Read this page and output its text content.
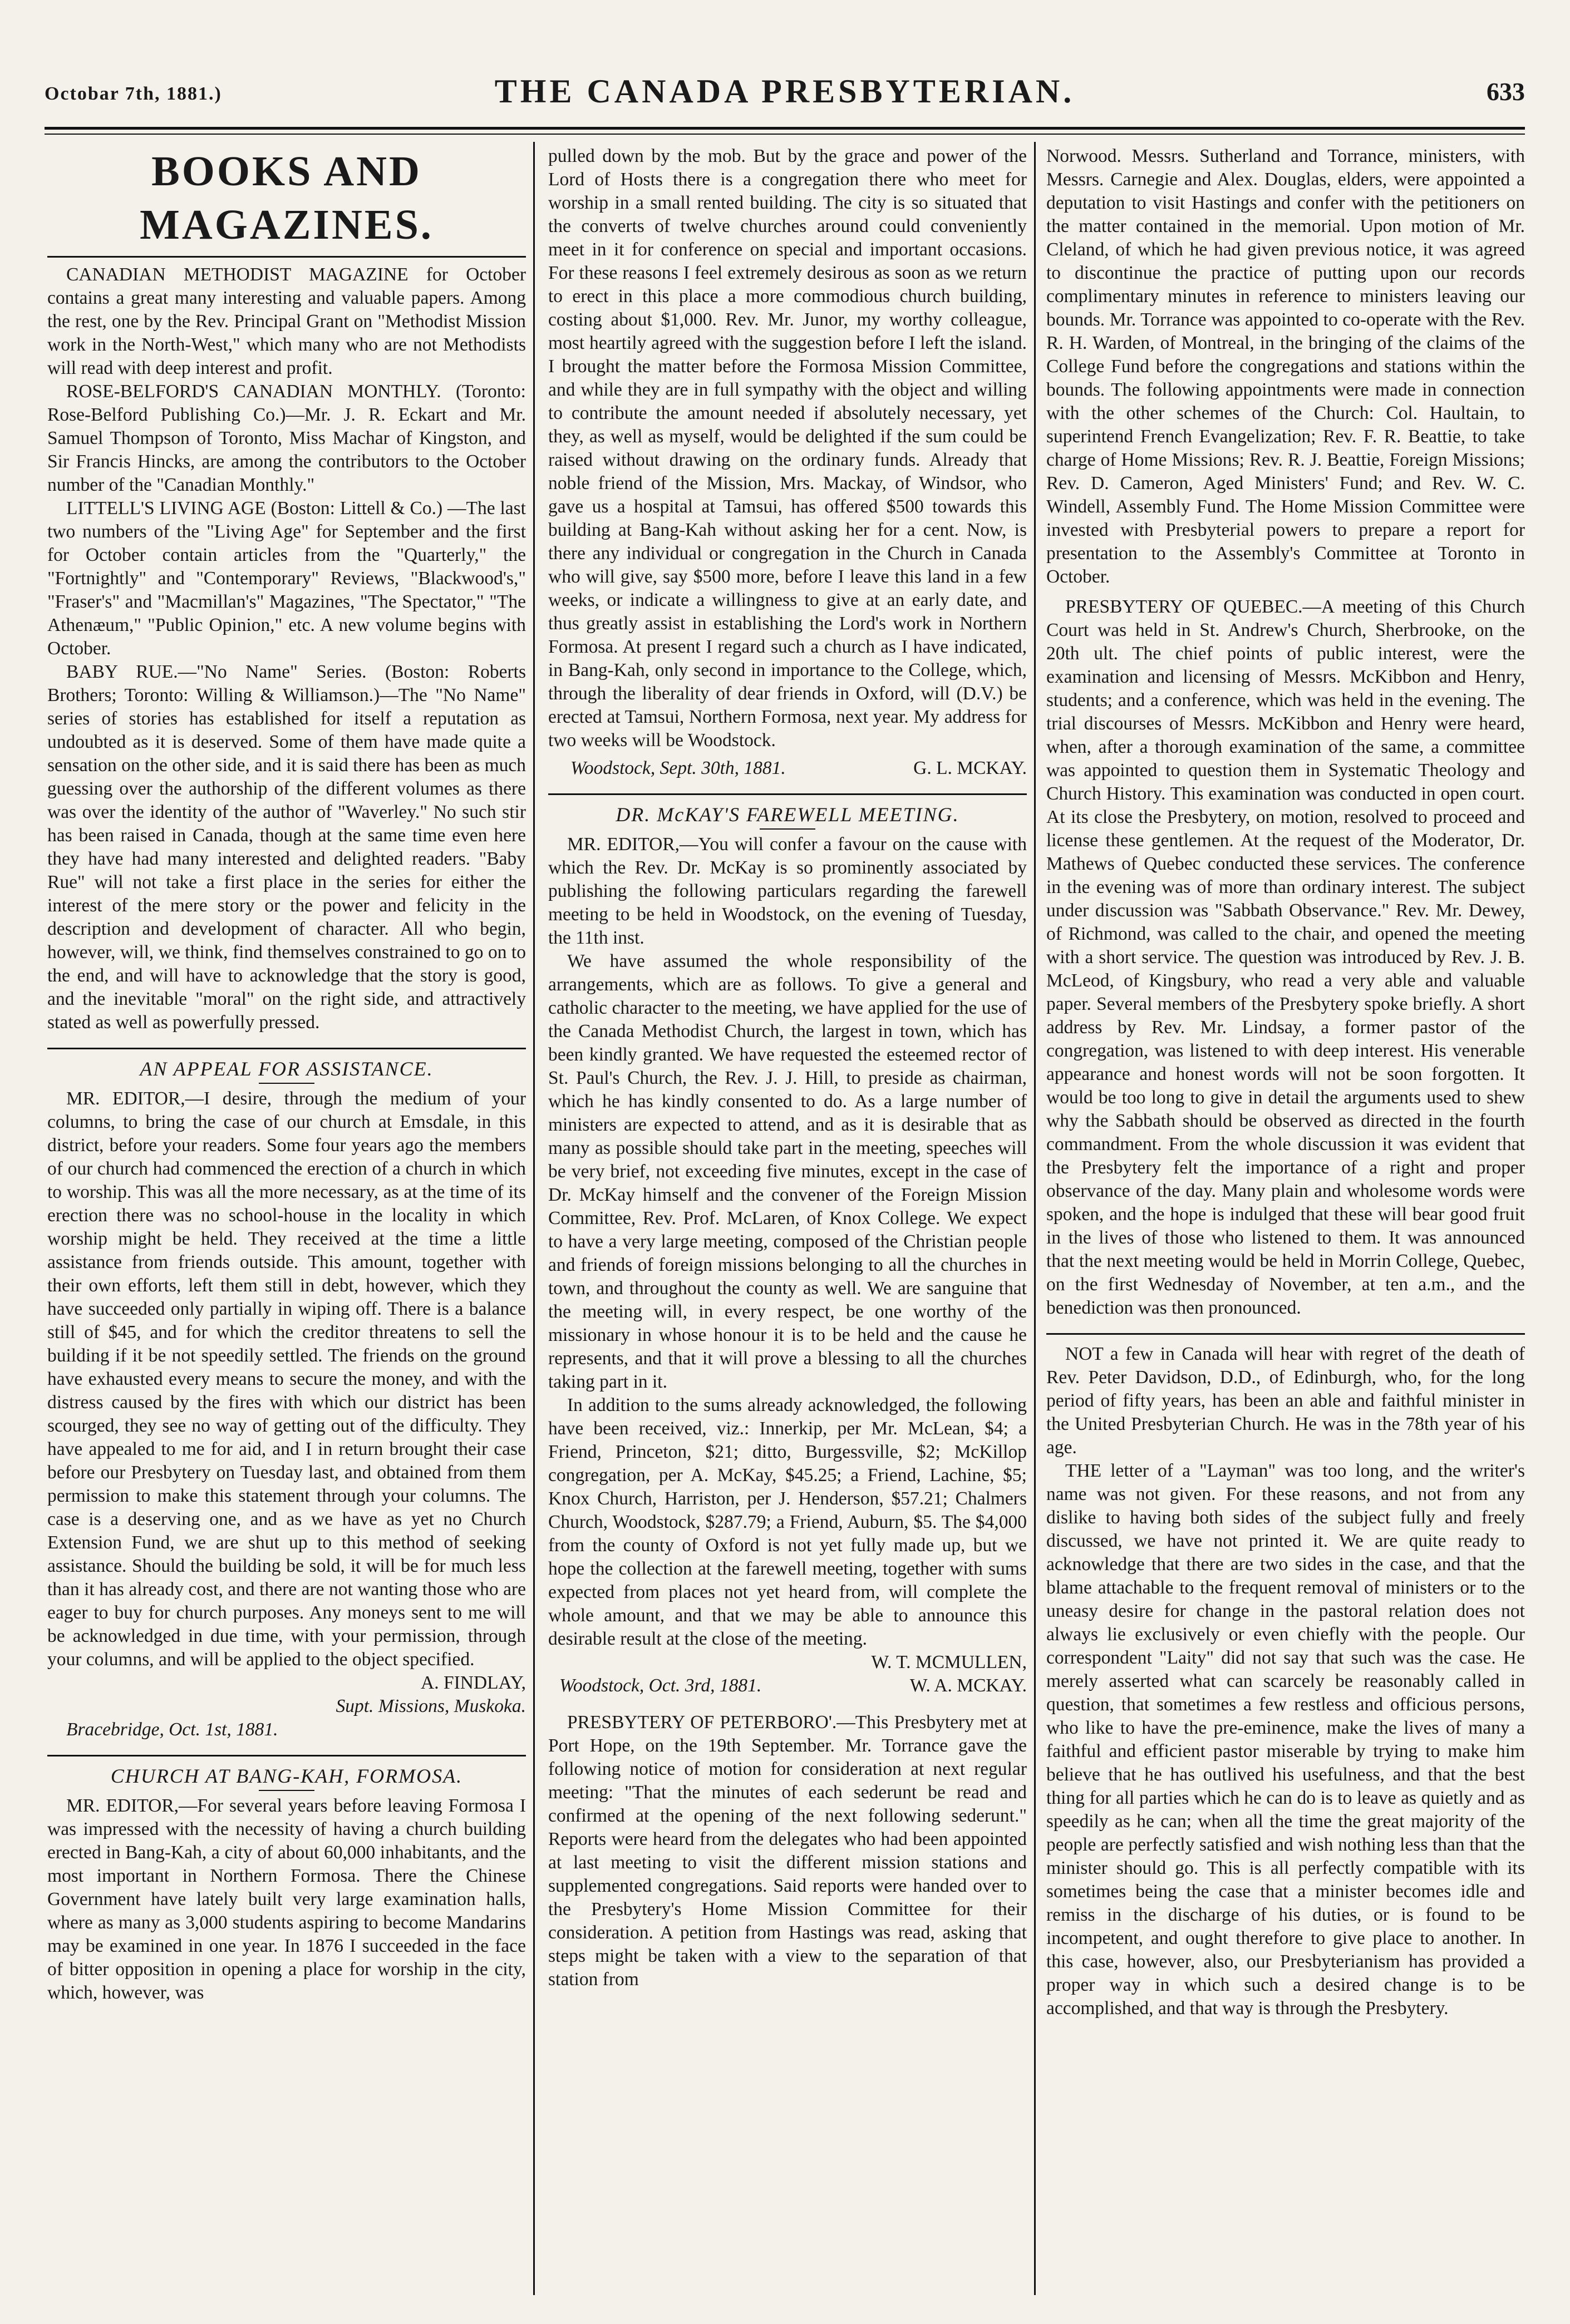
Octobar 7th, 1881.)	THE CANADA PRESBYTERIAN.	633
BOOKS AND MAGAZINES.

CANADIAN METHODIST MAGAZINE for October contains a great many interesting and valuable papers. Among the rest, one by the Rev. Principal Grant on "Methodist Mission work in the North-West," which many who are not Methodists will read with deep interest and profit.

ROSE-BELFORD'S CANADIAN MONTHLY. (Toronto: Rose-Belford Publishing Co.)—Mr. J. R. Eckart and Mr. Samuel Thompson of Toronto, Miss Machar of Kingston, and Sir Francis Hincks, are among the contributors to the October number of the "Canadian Monthly."

LITTELL'S LIVING AGE (Boston: Littell & Co.) —The last two numbers of the "Living Age" for September and the first for October contain articles from the "Quarterly," the "Fortnightly" and "Contemporary" Reviews, "Blackwood's," "Fraser's" and "Macmillan's" Magazines, "The Spectator," "The Athenæum," "Public Opinion," etc. A new volume begins with October.

BABY RUE.—"No Name" Series. (Boston: Roberts Brothers; Toronto: Willing & Williamson.)—The "No Name" series of stories has established for itself a reputation as undoubted as it is deserved. Some of them have made quite a sensation on the other side, and it is said there has been as much guessing over the authorship of the different volumes as there was over the identity of the author of "Waverley." No such stir has been raised in Canada, though at the same time even here they have had many interested and delighted readers. "Baby Rue" will not take a first place in the series for either the interest of the mere story or the power and felicity in the description and development of character. All who begin, however, will, we think, find themselves constrained to go on to the end, and will have to acknowledge that the story is good, and the inevitable "moral" on the right side, and attractively stated as well as powerfully pressed.

AN APPEAL FOR ASSISTANCE.

MR. EDITOR,—I desire, through the medium of your columns, to bring the case of our church at Emsdale, in this district, before your readers. Some four years ago the members of our church had commenced the erection of a church in which to worship. This was all the more necessary, as at the time of its erection there was no school-house in the locality in which worship might be held. They received at the time a little assistance from friends outside. This amount, together with their own efforts, left them still in debt, however, which they have succeeded only partially in wiping off. There is a balance still of $45, and for which the creditor threatens to sell the building if it be not speedily settled. The friends on the ground have exhausted every means to secure the money, and with the distress caused by the fires with which our district has been scourged, they see no way of getting out of the difficulty. They have appealed to me for aid, and I in return brought their case before our Presbytery on Tuesday last, and obtained from them permission to make this statement through your columns. The case is a deserving one, and as we have as yet no Church Extension Fund, we are shut up to this method of seeking assistance. Should the building be sold, it will be for much less than it has already cost, and there are not wanting those who are eager to buy for church purposes. Any moneys sent to me will be acknowledged in due time, with your permission, through your columns, and will be applied to the object specified.

A. FINDLAY,

Supt. Missions, Muskoka.

Bracebridge, Oct. 1st, 1881.

CHURCH AT BANG-KAH, FORMOSA.

MR. EDITOR,—For several years before leaving Formosa I was impressed with the necessity of having a church building erected in Bang-Kah, a city of about 60,000 inhabitants, and the most important in Northern Formosa. There the Chinese Government have lately built very large examination halls, where as many as 3,000 students aspiring to become Mandarins may be examined in one year. In 1876 I succeeded in the face of bitter opposition in opening a place for worship in the city, which, however, was

pulled down by the mob. But by the grace and power of the Lord of Hosts there is a congregation there who meet for worship in a small rented building. The city is so situated that the converts of twelve churches around could conveniently meet in it for conference on special and important occasions. For these reasons I feel extremely desirous as soon as we return to erect in this place a more commodious church building, costing about $1,000. Rev. Mr. Junor, my worthy colleague, most heartily agreed with the suggestion before I left the island. I brought the matter before the Formosa Mission Committee, and while they are in full sympathy with the object and willing to contribute the amount needed if absolutely necessary, yet they, as well as myself, would be delighted if the sum could be raised without drawing on the ordinary funds. Already that noble friend of the Mission, Mrs. Mackay, of Windsor, who gave us a hospital at Tamsui, has offered $500 towards this building at Bang-Kah without asking her for a cent. Now, is there any individual or congregation in the Church in Canada who will give, say $500 more, before I leave this land in a few weeks, or indicate a willingness to give at an early date, and thus greatly assist in establishing the Lord's work in Northern Formosa. At present I regard such a church as I have indicated, in Bang-Kah, only second in importance to the College, which, through the liberality of dear friends in Oxford, will (D.V.) be erected at Tamsui, Northern Formosa, next year. My address for two weeks will be Woodstock.

Woodstock, Sept. 30th, 1881.	G. L. MCKAY.

DR. McKAY'S FAREWELL MEETING.

MR. EDITOR,—You will confer a favour on the cause with which the Rev. Dr. McKay is so prominently associated by publishing the following particulars regarding the farewell meeting to be held in Woodstock, on the evening of Tuesday, the 11th inst.

We have assumed the whole responsibility of the arrangements, which are as follows. To give a general and catholic character to the meeting, we have applied for the use of the Canada Methodist Church, the largest in town, which has been kindly granted. We have requested the esteemed rector of St. Paul's Church, the Rev. J. J. Hill, to preside as chairman, which he has kindly consented to do. As a large number of ministers are expected to attend, and as it is desirable that as many as possible should take part in the meeting, speeches will be very brief, not exceeding five minutes, except in the case of Dr. McKay himself and the convener of the Foreign Mission Committee, Rev. Prof. McLaren, of Knox College. We expect to have a very large meeting, composed of the Christian people and friends of foreign missions belonging to all the churches in town, and throughout the county as well. We are sanguine that the meeting will, in every respect, be one worthy of the missionary in whose honour it is to be held and the cause he represents, and that it will prove a blessing to all the churches taking part in it.

In addition to the sums already acknowledged, the following have been received, viz.: Innerkip, per Mr. McLean, $4; a Friend, Princeton, $21; ditto, Burgessville, $2; McKillop congregation, per A. McKay, $45.25; a Friend, Lachine, $5; Knox Church, Harriston, per J. Henderson, $57.21; Chalmers Church, Woodstock, $287.79; a Friend, Auburn, $5. The $4,000 from the county of Oxford is not yet fully made up, but we hope the collection at the farewell meeting, together with sums expected from places not yet heard from, will complete the whole amount, and that we may be able to announce this desirable result at the close of the meeting.

W. T. MCMULLEN,

Woodstock, Oct. 3rd, 1881.	W. A. MCKAY.

PRESBYTERY OF PETERBORO'.—This Presbytery met at Port Hope, on the 19th September. Mr. Torrance gave the following notice of motion for consideration at next regular meeting: "That the minutes of each sederunt be read and confirmed at the opening of the next following sederunt." Reports were heard from the delegates who had been appointed at last meeting to visit the different mission stations and supplemented congregations. Said reports were handed over to the Presbytery's Home Mission Committee for their consideration. A petition from Hastings was read, asking that steps might be taken with a view to the separation of that station from

Norwood. Messrs. Sutherland and Torrance, ministers, with Messrs. Carnegie and Alex. Douglas, elders, were appointed a deputation to visit Hastings and confer with the petitioners on the matter contained in the memorial. Upon motion of Mr. Cleland, of which he had given previous notice, it was agreed to discontinue the practice of putting upon our records complimentary minutes in reference to ministers leaving our bounds. Mr. Torrance was appointed to co-operate with the Rev. R. H. Warden, of Montreal, in the bringing of the claims of the College Fund before the congregations and stations within the bounds. The following appointments were made in connection with the other schemes of the Church: Col. Haultain, to superintend French Evangelization; Rev. F. R. Beattie, to take charge of Home Missions; Rev. R. J. Beattie, Foreign Missions; Rev. D. Cameron, Aged Ministers' Fund; and Rev. W. C. Windell, Assembly Fund. The Home Mission Committee were invested with Presbyterial powers to prepare a report for presentation to the Assembly's Committee at Toronto in October.

PRESBYTERY OF QUEBEC.—A meeting of this Church Court was held in St. Andrew's Church, Sherbrooke, on the 20th ult. The chief points of public interest, were the examination and licensing of Messrs. McKibbon and Henry, students; and a conference, which was held in the evening. The trial discourses of Messrs. McKibbon and Henry were heard, when, after a thorough examination of the same, a committee was appointed to question them in Systematic Theology and Church History. This examination was conducted in open court. At its close the Presbytery, on motion, resolved to proceed and license these gentlemen. At the request of the Moderator, Dr. Mathews of Quebec conducted these services. The conference in the evening was of more than ordinary interest. The subject under discussion was "Sabbath Observance." Rev. Mr. Dewey, of Richmond, was called to the chair, and opened the meeting with a short service. The question was introduced by Rev. J. B. McLeod, of Kingsbury, who read a very able and valuable paper. Several members of the Presbytery spoke briefly. A short address by Rev. Mr. Lindsay, a former pastor of the congregation, was listened to with deep interest. His venerable appearance and honest words will not be soon forgotten. It would be too long to give in detail the arguments used to shew why the Sabbath should be observed as directed in the fourth commandment. From the whole discussion it was evident that the Presbytery felt the importance of a right and proper observance of the day. Many plain and wholesome words were spoken, and the hope is indulged that these will bear good fruit in the lives of those who listened to them. It was announced that the next meeting would be held in Morrin College, Quebec, on the first Wednesday of November, at ten a.m., and the benediction was then pronounced.

NOT a few in Canada will hear with regret of the death of Rev. Peter Davidson, D.D., of Edinburgh, who, for the long period of fifty years, has been an able and faithful minister in the United Presbyterian Church. He was in the 78th year of his age.

THE letter of a "Layman" was too long, and the writer's name was not given. For these reasons, and not from any dislike to having both sides of the subject fully and freely discussed, we have not printed it. We are quite ready to acknowledge that there are two sides in the case, and that the blame attachable to the frequent removal of ministers or to the uneasy desire for change in the pastoral relation does not always lie exclusively or even chiefly with the people. Our correspondent "Laity" did not say that such was the case. He merely asserted what can scarcely be reasonably called in question, that sometimes a few restless and officious persons, who like to have the pre-eminence, make the lives of many a faithful and efficient pastor miserable by trying to make him believe that he has outlived his usefulness, and that the best thing for all parties which he can do is to leave as quietly and as speedily as he can; when all the time the great majority of the people are perfectly satisfied and wish nothing less than that the minister should go. This is all perfectly compatible with its sometimes being the case that a minister becomes idle and remiss in the discharge of his duties, or is found to be incompetent, and ought therefore to give place to another. In this case, however, also, our Presbyterianism has provided a proper way in which such a desired change is to be accomplished, and that way is through the Presbytery.
